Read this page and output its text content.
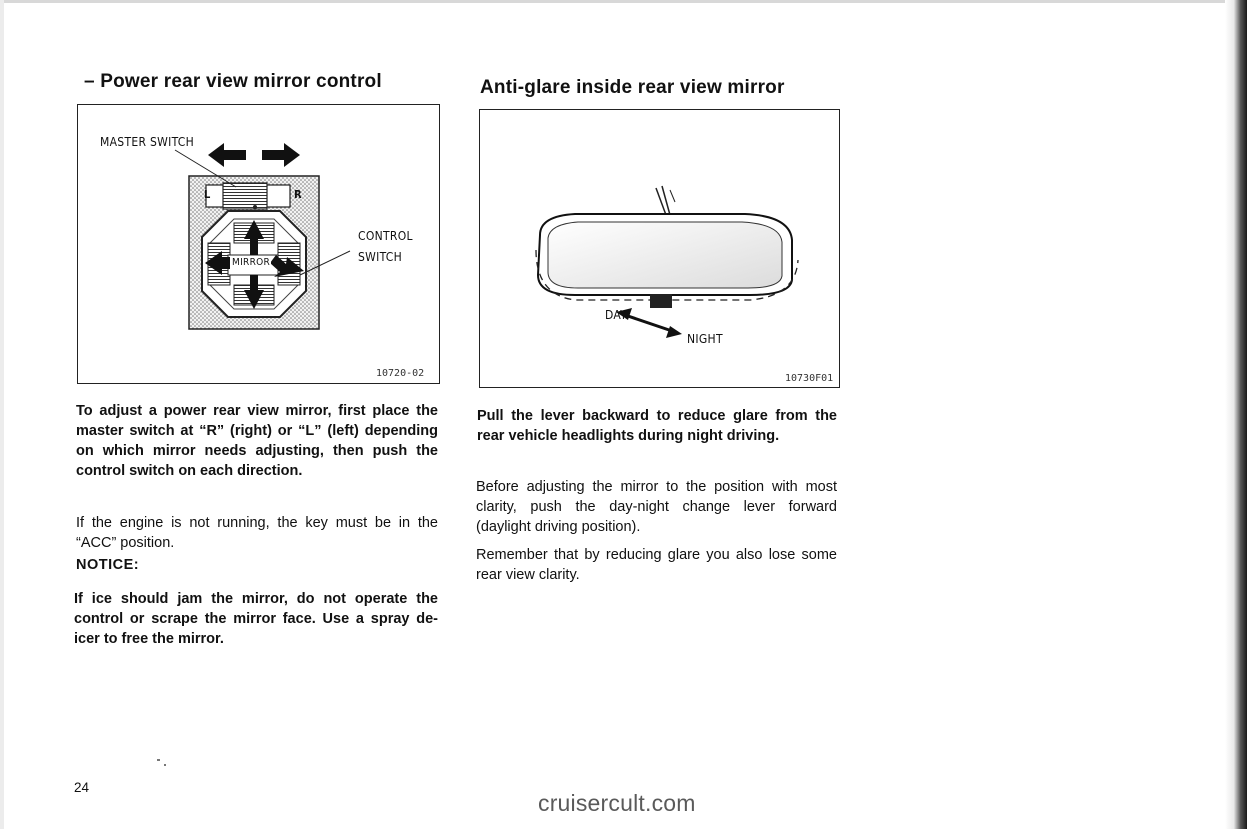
– Power rear view mirror control
MASTER SWITCH
CONTROL
SWITCH
MIRROR
L	R
10720-02

To adjust a power rear view mirror, first place the master switch at “R” (right) or “L” (left) depending on which mirror needs adjusting, then push the control switch on each direction.

If the engine is not running, the key must be in the “ACC” position.

NOTICE:

If ice should jam the mirror, do not operate the control or scrape the mirror face. Use a spray de-icer to free the mirror.

Anti-glare inside rear view mirror
DAY
NIGHT
10730F01

Pull the lever backward to reduce glare from the rear vehicle headlights during night driving.

Before adjusting the mirror to the position with most clarity, push the day-night change lever forward (daylight driving position).

Remember that by reducing glare you also lose some rear view clarity.

24
cruisercult.com
